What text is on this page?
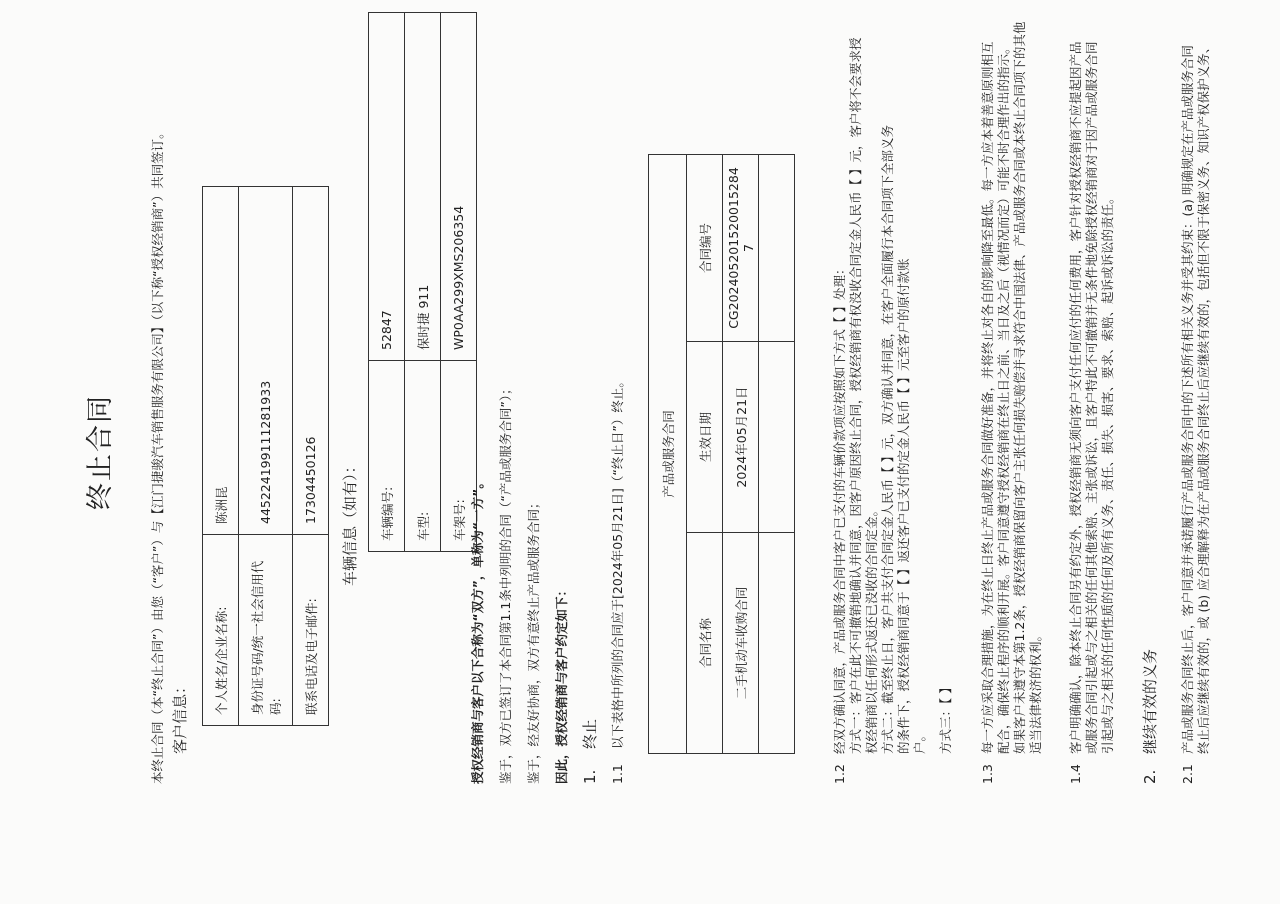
终止合同	本终止合同（本“终止合同”）由您（“客户”）与【江门捷骏汽车销售服务有限公司】（以下称“授权经销商”）共同签订。 客户信息：
个人姓名/企业名称:	陈洲昆
身份证号码/统一社会信用代码:	445224199111281933
联系电话及电子邮件:	17304450126 车辆信息（如有）： 车辆编号:	52847
车型:	保时捷 911
车架号:	WP0AA299XMS206354
授权经销商与客户以下合称为“双方”，单称为“一方”。 鉴于，双方已签订了本合同第1.1条中列明的合同（“产品或服务合同”）； 鉴于，经友好协商，双方有意终止产品或服务合同； 因此，授权经销商与客户约定如下： 1.
终止
1.1
以下表格中所列的合同应于[2024年05月21日]（“终止日”）终止。	产品或服务合同		
合同名称	生效日期	合同编号
二手机动车收购合同	2024年05月21日	CG202405201520015284 7

1.2
经双方确认同意，产品或服务合同中客户已支付的车辆价款项应按照如下方式【 】处理： 方式一：客户在此不可撤销地确认并同意，因客户原因终止合同，授权经销商有权没收合同定金人民币【 】元，客户将不会要求授 权经销商以任何形式返还已没收的合同定金。 方式二：截至终止日，客户共支付合同定金人民币【 】元，双方确认并同意，在客户全面履行本合同项下全部义务 的条件下，授权经销商同意于【 】返还客户已支付的定金人民币【 】元至客户的原付款账 户。 方式三：【 】
1.3
每一方应采取合理措施，为在终止日终止产品或服务合同做好准备，并将终止对各自的影响降至最低。每一方应本着善意原则相互 配合，确保终止程序的顺利开展。客户同意遵守授权经销商在终止日之前、当日及之后（视情况而定）可能不时合理作出的指示。 如果客户未遵守本第1.2条，授权经销商保留向客户主张任何损失赔偿并寻求符合中国法律、产品或服务合同或本终止合同项下的其他 适当法律救济的权利。
1.4
客户明确确认，除本终止合同另有约定外，授权经销商无须向客户支付任何应付的任何费用，客户针对授权经销商不应提起因产品 或服务合同引起或与之相关的任何其他索赔、主张或诉讼，且客户特此不可撤销并无条件地免除授权经销商对于因产品或服务合同 引起或与之相关的任何性质的任何及所有义务、责任、损失、损害、要求、索赔、起诉或诉讼的责任。
2.
继续有效的义务
2.1
产品或服务合同终止后，客户同意并承诺履行产品或服务合同中的下述所有相关义务并受其约束：(a) 明确规定在产品或服务合同 终止后应继续有效的，或 (b) 应合理解释为在产品或服务合同终止后应继续有效的，包括但不限于保密义务、知识产权保护义务、
